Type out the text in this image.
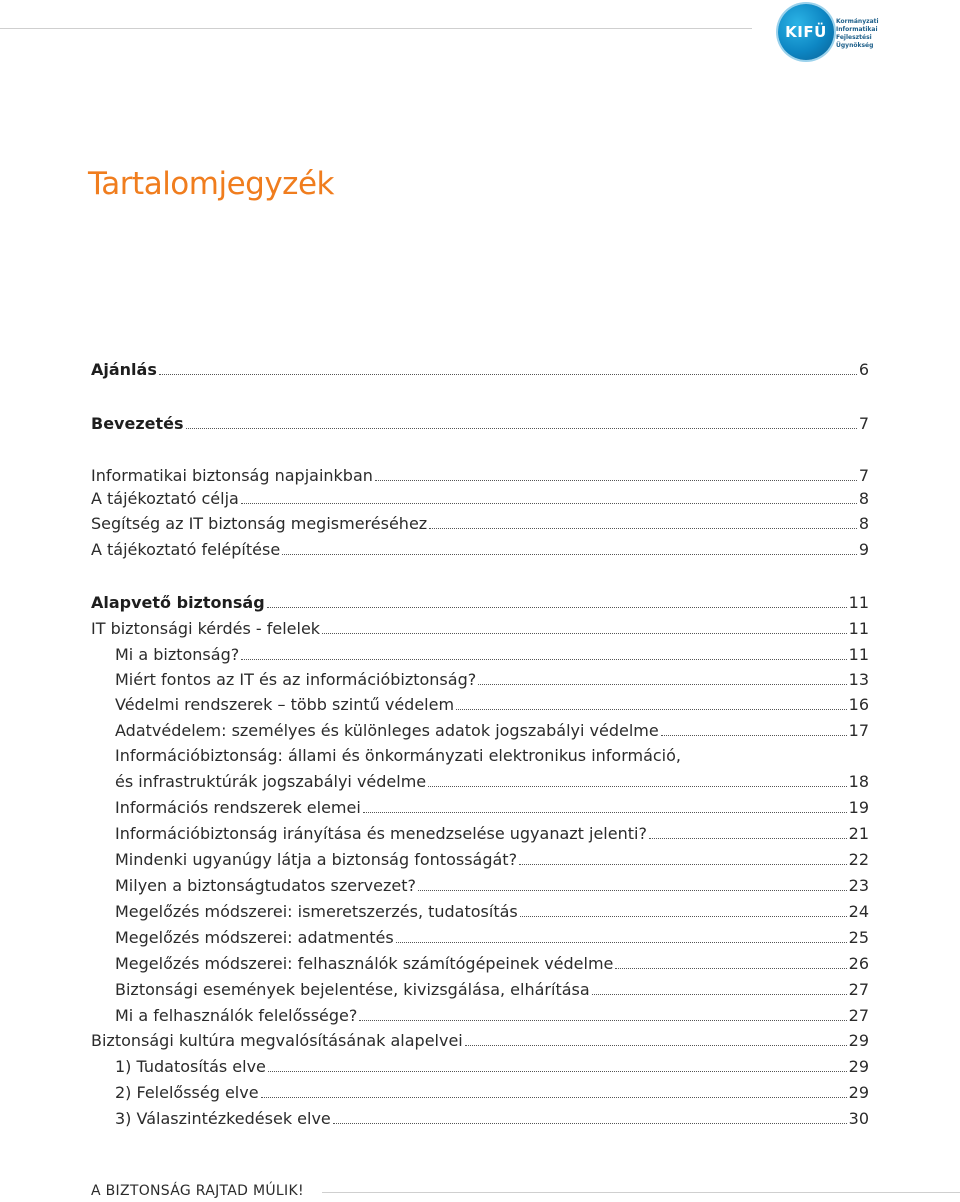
KIFÜ
Kormányzati
Informatikai
Fejlesztési
Ügynökség
Tartalomjegyzék
Ajánlás	6
Bevezetés	7
Informatikai biztonság napjainkban	7
A tájékoztató célja	8
Segítség az IT biztonság megismeréséhez	8
A tájékoztató felépítése	9
Alapvető biztonság	11
IT biztonsági kérdés - felelek	11
Mi a biztonság?	11
Miért fontos az IT és az információbiztonság?	13
Védelmi rendszerek – több szintű védelem	16
Adatvédelem: személyes és különleges adatok jogszabályi védelme	17
Információbiztonság: állami és önkormányzati elektronikus információ,
és infrastruktúrák jogszabályi védelme	18
Információs rendszerek elemei	19
Információbiztonság irányítása és menedzselése ugyanazt jelenti?	21
Mindenki ugyanúgy látja a biztonság fontosságát?	22
Milyen a biztonságtudatos szervezet?	23
Megelőzés módszerei: ismeretszerzés, tudatosítás	24
Megelőzés módszerei: adatmentés	25
Megelőzés módszerei: felhasználók számítógépeinek védelme	26
Biztonsági események bejelentése, kivizsgálása, elhárítása	27
Mi a felhasználók felelőssége?	27
Biztonsági kultúra megvalósításának alapelvei	29
1) Tudatosítás elve	29
2) Felelősség elve	29
3) Válaszintézkedések elve	30
A BIZTONSÁG RAJTAD MÚLIK!
